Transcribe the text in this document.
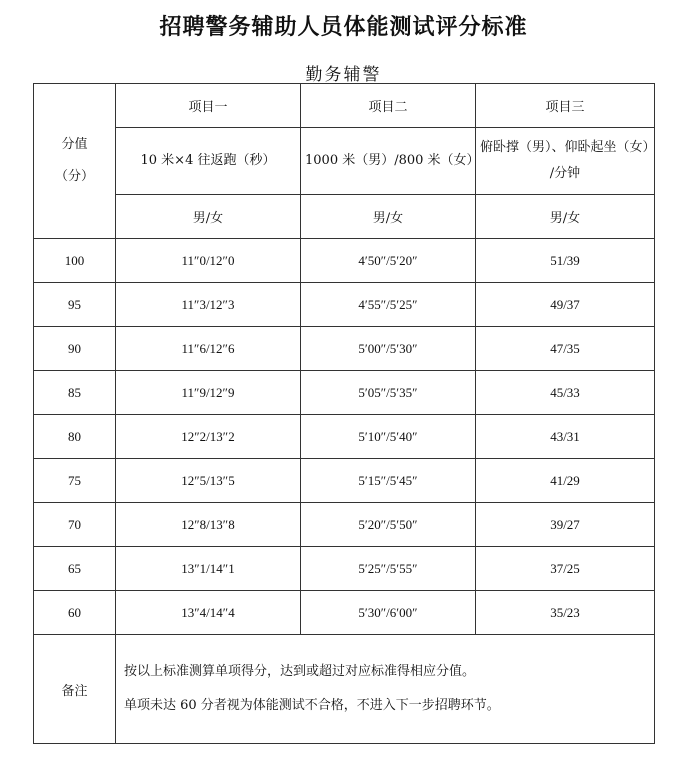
招聘警务辅助人员体能测试评分标准
勤务辅警
分值
（分）	项目一	项目二	项目三
	10 米×4 往返跑（秒）	1000 米（男）/800 米（女）	俯卧撑（男）、仰卧起坐（女）
/分钟

	男/女	男/女	男/女
100	11″0/12″0	4′50″/5′20″	51/39
95	11″3/12″3	4′55″/5′25″	49/37
90	11″6/12″6	5′00″/5′30″	47/35
85	11″9/12″9	5′05″/5′35″	45/33
80	12″2/13″2	5′10″/5′40″	43/31
75	12″5/13″5	5′15″/5′45″	41/29
70	12″8/13″8	5′20″/5′50″	39/27
65	13″1/14″1	5′25″/5′55″	37/25
60	13″4/14″4	5′30″/6′00″	35/23
备注	按以上标准测算单项得分，达到或超过对应标准得相应分值。
单项未达 60 分者视为体能测试不合格，不进入下一步招聘环节。		
